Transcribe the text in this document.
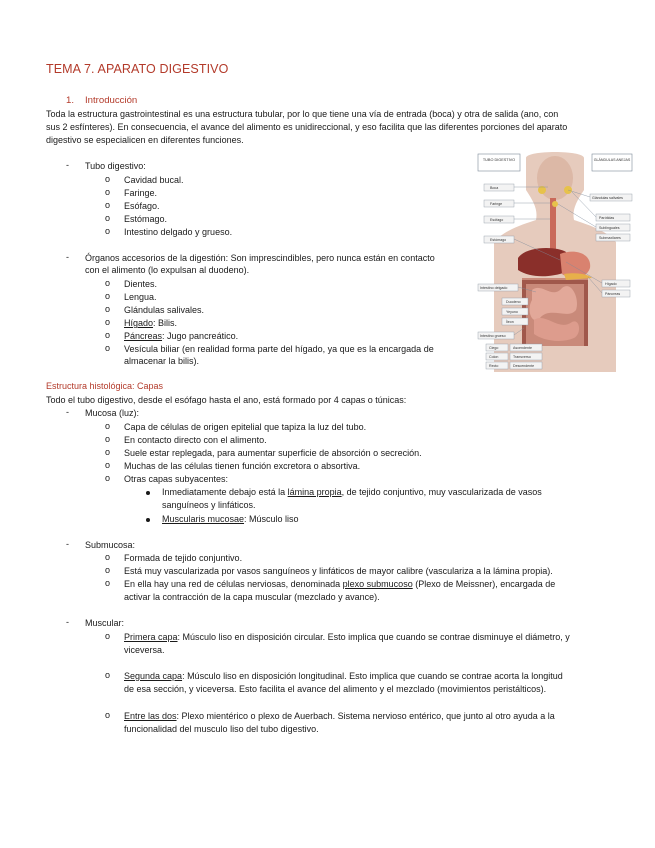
TEMA 7. APARATO DIGESTIVO
1. Introducción
Toda la estructura gastrointestinal es una estructura tubular, por lo que tiene una vía de entrada (boca) y otra de salida (ano, con
sus 2 esfínteres). En consecuencia, el avance del alimento es unidireccional, y eso facilita que las diferentes porciones del aparato
digestivo se especialicen en diferentes funciones.
- Tubo digestivo:
o Cavidad bucal.
o Faringe.
o Esófago.
o Estómago.
o Intestino delgado y grueso.
- Órganos accesorios de la digestión: Son imprescindibles, pero nunca están en contacto
con el alimento (lo expulsan al duodeno).
o Dientes.
o Lengua.
o Glándulas salivales.
o Hígado: Bilis.
o Páncreas: Jugo pancreático.
o Vesícula biliar (en realidad forma parte del hígado, ya que es la encargada de
almacenar la bilis).
TUBO DIGESTIVO	GLÁNDULAS ANEJAS
Boca
Faringe
Esófago
Estómago
Intestino delgado
Duodeno
Yeyuno
Íleon
Intestino grueso
Ciego
Colon
Recto
Ascendente
Transverso
Descendente
Glándulas salivales
Parótidas
Sublinguales
Submaxilares
Hígado
Páncreas
Estructura histológica: Capas
Todo el tubo digestivo, desde el esófago hasta el ano, está formado por 4 capas o túnicas:
- Mucosa (luz):
o Capa de células de origen epitelial que tapiza la luz del tubo.
o En contacto directo con el alimento.
o Suele estar replegada, para aumentar superficie de absorción o secreción.
o Muchas de las células tienen función excretora o absortiva.
o Otras capas subyacentes:
Inmediatamente debajo está la lámina propia, de tejido conjuntivo, muy vascularizada de vasos
sanguíneos y linfáticos.
Muscularis mucosae: Músculo liso
- Submucosa:
o Formada de tejido conjuntivo.
o Está muy vascularizada por vasos sanguíneos y linfáticos de mayor calibre (vasculariza a la lámina propia).
o En ella hay una red de células nerviosas, denominada plexo submucoso (Plexo de Meissner), encargada de
activar la contracción de la capa muscular (mezclado y avance).
- Muscular:
o Primera capa: Músculo liso en disposición circular. Esto implica que cuando se contrae disminuye el diámetro, y
viceversa.
o Segunda capa: Músculo liso en disposición longitudinal. Esto implica que cuando se contrae acorta la longitud
de esa sección, y viceversa. Esto facilita el avance del alimento y el mezclado (movimientos peristálticos).
o Entre las dos: Plexo mientérico o plexo de Auerbach. Sistema nervioso entérico, que junto al otro ayuda a la
funcionalidad del musculo liso del tubo digestivo.
